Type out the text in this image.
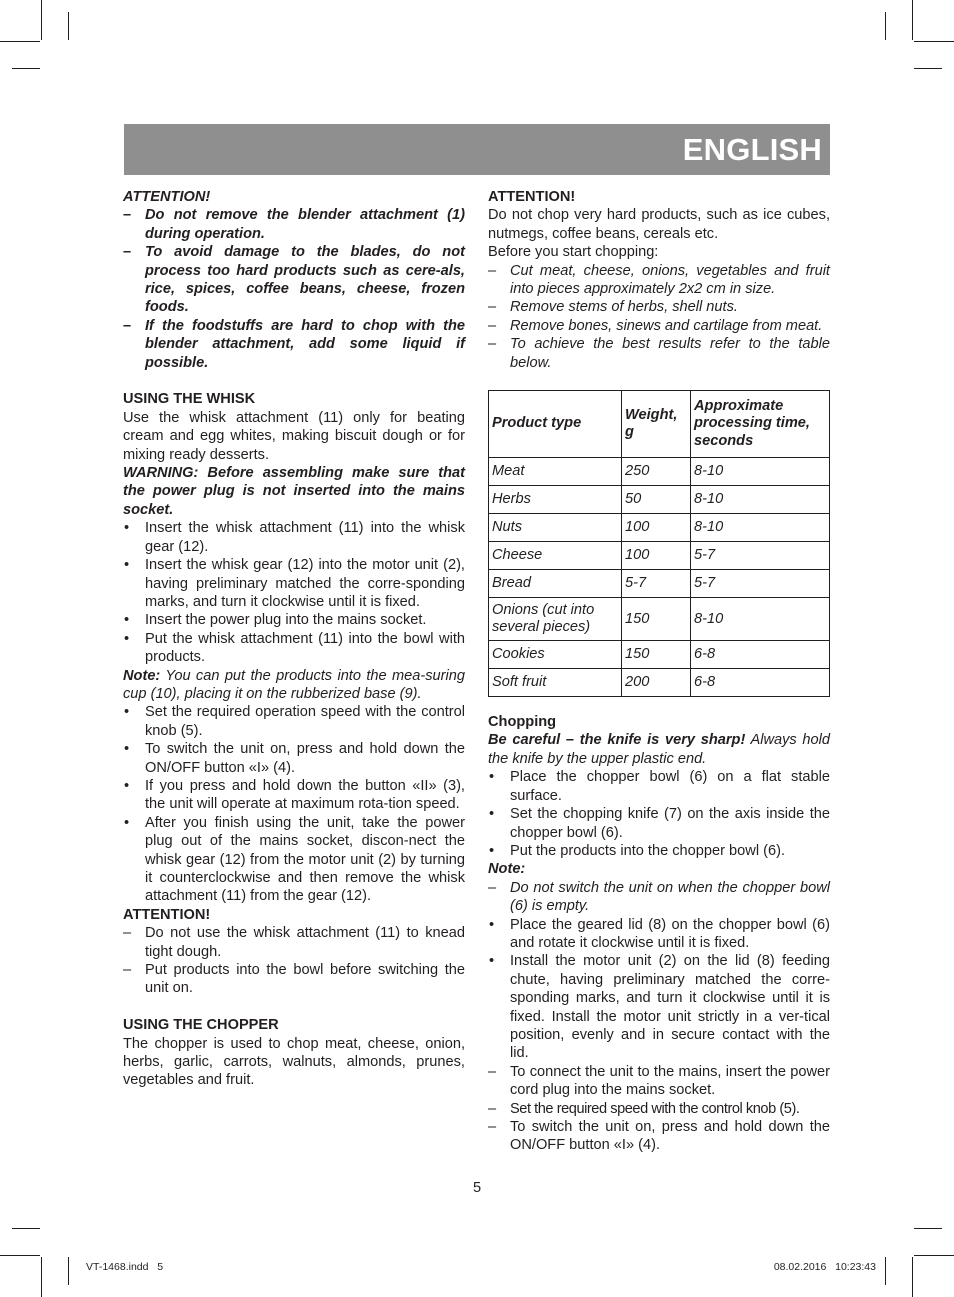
ENGLISH

ATTENTION!

– Do not remove the blender attachment (1) during operation.
– To avoid damage to the blades, do not process too hard products such as cere-als, rice, spices, coffee beans, cheese, frozen foods.
– If the foodstuffs are hard to chop with the blender attachment, add some liquid if possible.

USING THE WHISK

Use the whisk attachment (11) only for beating cream and egg whites, making biscuit dough or for mixing ready desserts.

WARNING: Before assembling make sure that the power plug is not inserted into the mains socket.

• Insert the whisk attachment (11) into the whisk gear (12).
• Insert the whisk gear (12) into the motor unit (2), having preliminary matched the corre-sponding marks, and turn it clockwise until it is fixed.
• Insert the power plug into the mains socket.
• Put the whisk attachment (11) into the bowl with products.

Note: You can put the products into the mea-suring cup (10), placing it on the rubberized base (9).

• Set the required operation speed with the control knob (5).
• To switch the unit on, press and hold down the ON/OFF button «I» (4).
• If you press and hold down the button «II» (3), the unit will operate at maximum rota-tion speed.
• After you finish using the unit, take the power plug out of the mains socket, discon-nect the whisk gear (12) from the motor unit (2) by turning it counterclockwise and then remove the whisk attachment (11) from the gear (12).

ATTENTION!

– Do not use the whisk attachment (11) to knead tight dough.
– Put products into the bowl before switching the unit on.

USING THE CHOPPER

The chopper is used to chop meat, cheese, onion, herbs, garlic, carrots, walnuts, almonds, prunes, vegetables and fruit.

ATTENTION!

Do not chop very hard products, such as ice cubes, nutmegs, coffee beans, cereals etc.

Before you start chopping:

– Cut meat, cheese, onions, vegetables and fruit into pieces approximately 2x2 cm in size.
– Remove stems of herbs, shell nuts.
– Remove bones, sinews and cartilage from meat.
– To achieve the best results refer to the table below.
Product type	Weight, g	Approximate processing time, seconds
Meat	250	8-10
Herbs	50	8-10
Nuts	100	8-10
Cheese	100	5-7
Bread	5-7	5-7
Onions (cut into several pieces)	150	8-10
Cookies	150	6-8
Soft fruit	200	6-8

Chopping

Be careful – the knife is very sharp! Always hold the knife by the upper plastic end.

• Place the chopper bowl (6) on a flat stable surface.
• Set the chopping knife (7) on the axis inside the chopper bowl (6).
• Put the products into the chopper bowl (6).

Note:

– Do not switch the unit on when the chopper bowl (6) is empty.
• Place the geared lid (8) on the chopper bowl (6) and rotate it clockwise until it is fixed.
• Install the motor unit (2) on the lid (8) feeding chute, having preliminary matched the corre-sponding marks, and turn it clockwise until it is fixed. Install the motor unit strictly in a ver-tical position, evenly and in secure contact with the lid.
– To connect the unit to the mains, insert the power cord plug into the mains socket.
– Set the required speed with the control knob (5).
– To switch the unit on, press and hold down the ON/OFF button «I» (4).
5
VT-1468.indd   5	08.02.2016   10:23:43
